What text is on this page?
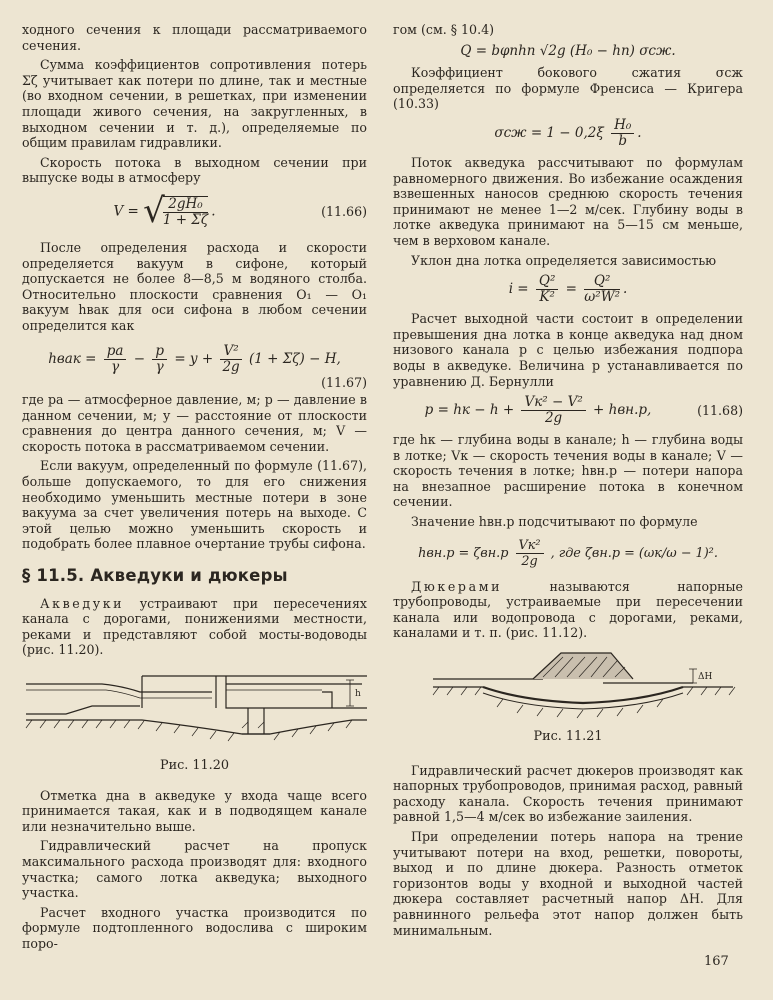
ходного сечения к площади рассматриваемого сечения.

Сумма коэффициентов сопротивления потерь Σζ учитывает как потери по длине, так и местные (во входном сечении, в решетках, при изменении площади живого сечения, на закругленных, в выходном сечении и т. д.), определяемые по общим правилам гидравлики.

Скорость потока в выходном сечении при выпуске воды в атмосферу

V = √
$\frac{\text{2gH₀}}{1 + \Sigma\zeta}$ .	(11.66)

После определения расхода и скорости определяется вакуум в сифоне, который допускается не более 8—8,5 м водяного столба. Относительно плоскости сравнения O₁ — O₁ вакуум hвак для оси сифона в любом сечении определится как

hвак = $\frac{pa}{\gamma} - \frac{p}{\gamma} = y + \frac{\text{V²}}{2g} (1 + \Sigma\zeta) - H$,
(11.67)

где pa — атмосферное давление, м; p — давление в данном сечении, м; y — расстояние от плоскости сравнения до центра данного сечения, м; V — скорость потока в рассматриваемом сечении.

Если вакуум, определенный по формуле (11.67), больше допускаемого, то для его снижения необходимо уменьшить местные потери в зоне вакуума за счет увеличения потерь на выходе. С этой целью можно уменьшить скорость и подобрать более плавное очертание трубы сифона.

§ 11.5. Акведуки и дюкеры

Акведуки устраивают при пересечениях канала с дорогами, понижениями местности, реками и представляют собой мосты-водоводы (рис. 11.20).

h
Рис. 11.20

Отметка дна в акведуке у входа чаще всего принимается такая, как и в подводящем канале или незначительно выше.

Гидравлический расчет на пропуск максимального расхода производят для: входного участка; самого лотка акведука; выходного участка.

Расчет входного участка производится по формуле подтопленного водослива с широким поро-

гом (см. § 10.4)

Q = bφпhп √2g (H₀ − hп) σсж.

Коэффициент бокового сжатия σсж определяется по формуле Френсиса — Кригера (10.33)

$\sigma сж = 1 - 0,2\xi \frac{\text{H₀}}{b}$ .

Поток акведука рассчитывают по формулам равномерного движения. Во избежание осаждения взвешенных наносов среднюю скорость течения принимают не менее 1—2 м/сек. Глубину воды в лотке акведука принимают на 5—15 см меньше, чем в верховом канале.

Уклон дна лотка определяется зависимостью

$i = \frac{\text{Q²}}{\text{K²}} = \frac{\text{Q²}}{\text{ω²W²}}$ .

Расчет выходной части состоит в определении превышения дна лотка в конце акведука над дном низового канала p с целью избежания подпора воды в акведуке. Величина p устанавливается по уравнению Д. Бернулли

p = hк − $h + \frac{\text{Vк² − V²}}{2g} + hвн.р$,	(11.68)

где hк — глубина воды в канале; h — глубина воды в лотке; Vк — скорость течения воды в канале; V — скорость течения в лотке; hвн.р — потери напора на внезапное расширение потока в конечном сечении.

Значение hвн.р подсчитывают по формуле

$hвн.р = \zeta вн.р \frac{\text{Vк²}}{2g}$ , где ζвн.р = (ωк/ω − 1)².

Дюкерами называются напорные трубопроводы, устраиваемые при пересечении канала или водопровода с дорогами, реками, каналами и т. п. (рис. 11.12).

ΔH
Рис. 11.21

Гидравлический расчет дюкеров производят как напорных трубопроводов, принимая расход, равный расходу канала. Скорость течения принимают равной 1,5—4 м/сек во избежание заиления.

При определении потерь напора на трение учитывают потери на вход, решетки, повороты, выход и по длине дюкера. Разность отметок горизонтов воды у входной и выходной частей дюкера составляет расчетный напор ΔH. Для равнинного рельефа этот напор должен быть минимальным.

167
